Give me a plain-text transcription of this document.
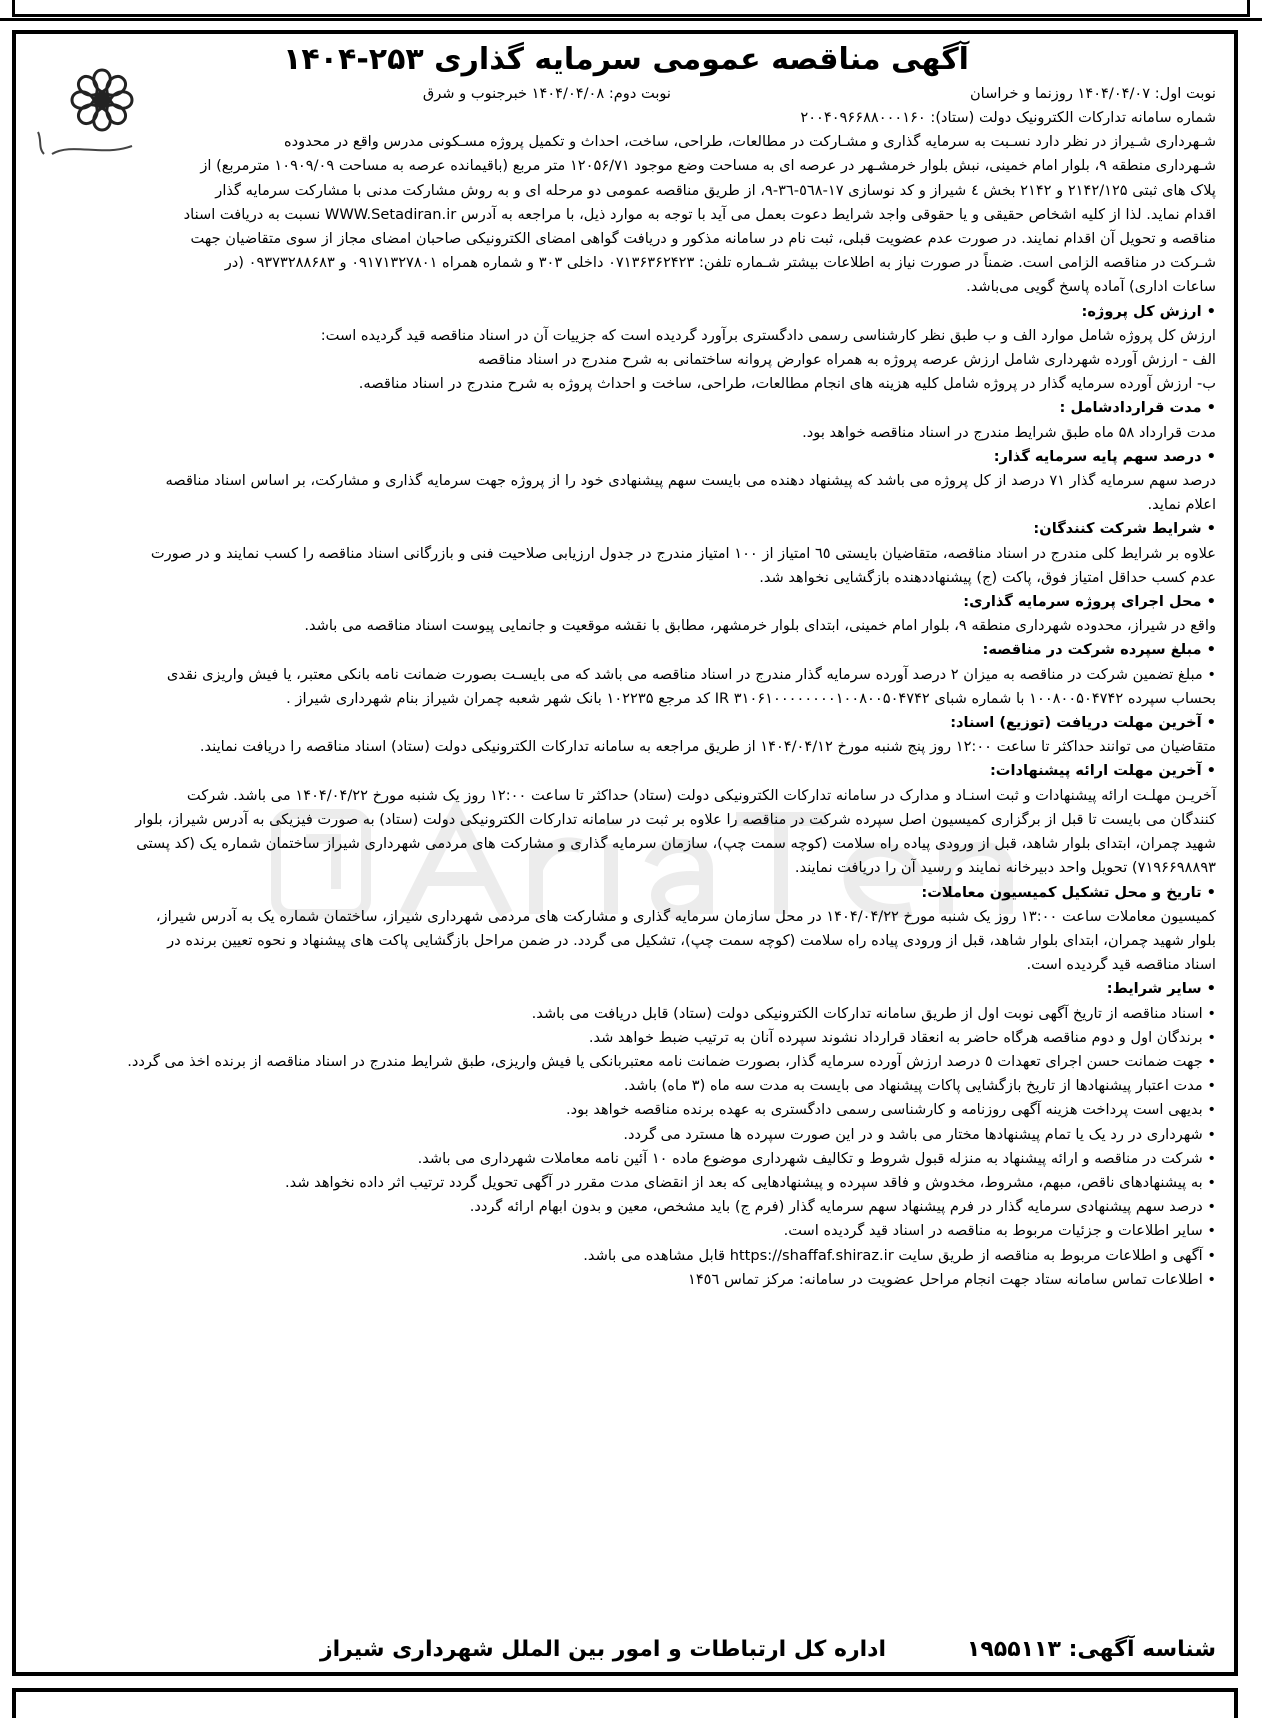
آگهی مناقصه عمومی سرمایه گذاری ۲۵۳-۱۴۰۴
نوبت اول: ۱۴۰۴/۰۴/۰۷ روزنما و خراسان
نوبت دوم: ۱۴۰۴/۰۴/۰۸ خبرجنوب و شرق
شماره سامانه تدارکات الکترونیک دولت (ستاد): ۲۰۰۴۰۹۶۶۸۸۰۰۰۱۶۰
شـهرداری شـیراز در نظر دارد نسـبت به سرمایه گذاری و مشـارکت در مطالعات، طراحی، ساخت، احداث و تکمیل پروژه مسـکونی مدرس واقع در محدوده
شـهرداری منطقه ۹، بلوار امام خمینی، نبش بلوار خرمشـهر در عرصه ای به مساحت وضع موجود ۱۲۰۵۶/۷۱ متر مربع (باقیمانده عرصه به مساحت ۱۰۹۰۹/۰۹ مترمربع) از
پلاک های ثبتی ۲۱۴۲/۱۲۵ و ۲۱۴۲ بخش ٤ شیراز و کد نوسازی ۱۷-٥٦٨-٣٦-٩، از طریق مناقصه عمومی دو مرحله ای و به روش مشارکت مدنی با مشارکت سرمایه گذار
اقدام نماید. لذا از کلیه اشخاص حقیقی و یا حقوقی واجد شرایط دعوت بعمل می آید با توجه به موارد ذیل، با مراجعه به آدرس WWW.Setadiran.ir نسبت به دریافت اسناد
مناقصه و تحویل آن اقدام نمایند. در صورت عدم عضویت قبلی، ثبت نام در سامانه مذکور و دریافت گواهی امضای الکترونیکی صاحبان امضای مجاز از سوی متقاضیان جهت
شـرکت در مناقصه الزامی است. ضمناً در صورت نیاز به اطلاعات بیشتر شـماره تلفن: ۰۷۱۳۶۳۶۲۴۲۳ داخلی ۳۰۳ و شماره همراه ۰۹۱۷۱۳۲۷۸۰۱ و ۰۹۳۷۳۲۸۸۶۸۳ (در
ساعات اداری) آماده پاسخ گویی می‌باشد.
• ارزش کل پروژه:
ارزش کل پروژه شامل موارد الف و ب طبق نظر کارشناسی رسمی دادگستری برآورد گردیده است که جزییات آن در اسناد مناقصه قید گردیده است:
الف - ارزش آورده شهرداری شامل ارزش عرصه پروژه به همراه عوارض پروانه ساختمانی به شرح مندرج در اسناد مناقصه
ب- ارزش آورده سرمایه گذار در پروژه شامل کلیه هزینه های انجام مطالعات، طراحی، ساخت و احداث پروژه به شرح مندرج در اسناد مناقصه.
• مدت قراردادشامل :
مدت قرارداد ۵۸ ماه طبق شرایط مندرج در اسناد مناقصه خواهد بود.
• درصد سهم پایه سرمایه گذار:
درصد سهم سرمایه گذار ۷۱ درصد از کل پروژه می باشد که پیشنهاد دهنده می بایست سهم پیشنهادی خود را از پروژه جهت سرمایه گذاری و مشارکت، بر اساس اسناد مناقصه
اعلام نماید.
• شرایط شرکت کنندگان:
علاوه بر شرایط کلی مندرج در اسناد مناقصه، متقاضیان بایستی ٦٥ امتیاز از ۱۰۰ امتیاز مندرج در جدول ارزیابی صلاحیت فنی و بازرگانی اسناد مناقصه را کسب نمایند و در صورت
عدم کسب حداقل امتیاز فوق، پاکت (ج) پیشنهاددهنده بازگشایی نخواهد شد.
• محل اجرای پروژه سرمایه گذاری:
واقع در شیراز، محدوده شهرداری منطقه ۹، بلوار امام خمینی، ابتدای بلوار خرمشهر، مطابق با نقشه موقعیت و جانمایی پیوست اسناد مناقصه می باشد.
• مبلغ سپرده شرکت در مناقصه:
• مبلغ تضمین شرکت در مناقصه به میزان ۲ درصد آورده سرمایه گذار مندرج در اسناد مناقصه می باشد که می بایسـت بصورت ضمانت نامه بانکی معتبر، یا فیش واریزی نقدی
بحساب سپرده ۱۰۰۸۰۰۵۰۴۷۴۲ با شماره شبای IR ۳۱۰۶۱۰۰۰۰۰۰۰۰۱۰۰۸۰۰۵۰۴۷۴۲ کد مرجع ۱۰۲۲۳۵ بانک شهر شعبه چمران شیراز بنام شهرداری شیراز .
• آخرین مهلت دریافت (توزیع) اسناد:
متقاضیان می توانند حداکثر تا ساعت ۱۲:۰۰ روز پنج شنبه مورخ ۱۴۰۴/۰۴/۱۲ از طریق مراجعه به سامانه تدارکات الکترونیکی دولت (ستاد) اسناد مناقصه را دریافت نمایند.
• آخرین مهلت ارائه پیشنهادات:
آخریـن مهلـت ارائه پیشنهادات و ثبت اسنـاد و مدارک در سامانه تدارکات الکترونیکی دولت (ستاد) حداکثر تا ساعت ۱۲:۰۰ روز یک شنبه مورخ ۱۴۰۴/۰۴/۲۲ می باشد. شرکت
کنندگان می بایست تا قبل از برگزاری کمیسیون اصل سپرده شرکت در مناقصه را علاوه بر ثبت در سامانه تدارکات الکترونیکی دولت (ستاد) به صورت فیزیکی به آدرس شیراز، بلوار
شهید چمران، ابتدای بلوار شاهد، قبل از ورودی پیاده راه سلامت (کوچه سمت چپ)، سازمان سرمایه گذاری و مشارکت های مردمی شهرداری شیراز ساختمان شماره یک (کد پستی
۷۱۹۶۶۹۸۸۹۳) تحویل واحد دبیرخانه نمایند و رسید آن را دریافت نمایند.
• تاریخ و محل تشکیل کمیسیون معاملات:
کمیسیون معاملات ساعت ۱۳:۰۰ روز یک شنبه مورخ ۱۴۰۴/۰۴/۲۲ در محل سازمان سرمایه گذاری و مشارکت های مردمی شهرداری شیراز، ساختمان شماره یک به آدرس شیراز،
بلوار شهید چمران، ابتدای بلوار شاهد، قبل از ورودی پیاده راه سلامت (کوچه سمت چپ)، تشکیل می گردد. در ضمن مراحل بازگشایی پاکت های پیشنهاد و نحوه تعیین برنده در
اسناد مناقصه قید گردیده است.
• سایر شرایط:
• اسناد مناقصه از تاریخ آگهی نوبت اول از طریق سامانه تدارکات الکترونیکی دولت (ستاد) قابل دریافت می باشد.
• برندگان اول و دوم مناقصه هرگاه حاضر به انعقاد قرارداد نشوند سپرده آنان به ترتیب ضبط خواهد شد.
• جهت ضمانت حسن اجرای تعهدات ٥ درصد ارزش آورده سرمایه گذار، بصورت ضمانت نامه معتبربانکی یا فیش واریزی، طبق شرایط مندرج در اسناد مناقصه از برنده اخذ می گردد.
• مدت اعتبار پیشنهادها از تاریخ بازگشایی پاکات پیشنهاد می بایست به مدت سه ماه (۳ ماه) باشد.
• بدیهی است پرداخت هزینه آگهی روزنامه و کارشناسی رسمی دادگستری به عهده برنده مناقصه خواهد بود.
• شهرداری در رد یک یا تمام پیشنهادها مختار می باشد و در این صورت سپرده ها مسترد می گردد.
• شرکت در مناقصه و ارائه پیشنهاد به منزله قبول شروط و تکالیف شهرداری موضوع ماده ۱۰ آئین نامه معاملات شهرداری می باشد.
• به پیشنهادهای ناقص، مبهم، مشروط، مخدوش و فاقد سپرده و پیشنهادهایی که بعد از انقضای مدت مقرر در آگهی تحویل گردد ترتیب اثر داده نخواهد شد.
• درصد سهم پیشنهادی سرمایه گذار در فرم پیشنهاد سهم سرمایه گذار (فرم ج) باید مشخص، معین و بدون ابهام ارائه گردد.
• سایر اطلاعات و جزئیات مربوط به مناقصه در اسناد قید گردیده است.
• آگهی و اطلاعات مربوط به مناقصه از طریق سایت https://shaffaf.shiraz.ir قابل مشاهده می باشد.
• اطلاعات تماس سامانه ستاد جهت انجام مراحل عضویت در سامانه: مرکز تماس ۱۴٥٦
شناسه آگهی: ۱۹۵۵۱۱۳
اداره کل ارتباطات و امور بین الملل شهرداری شیراز
